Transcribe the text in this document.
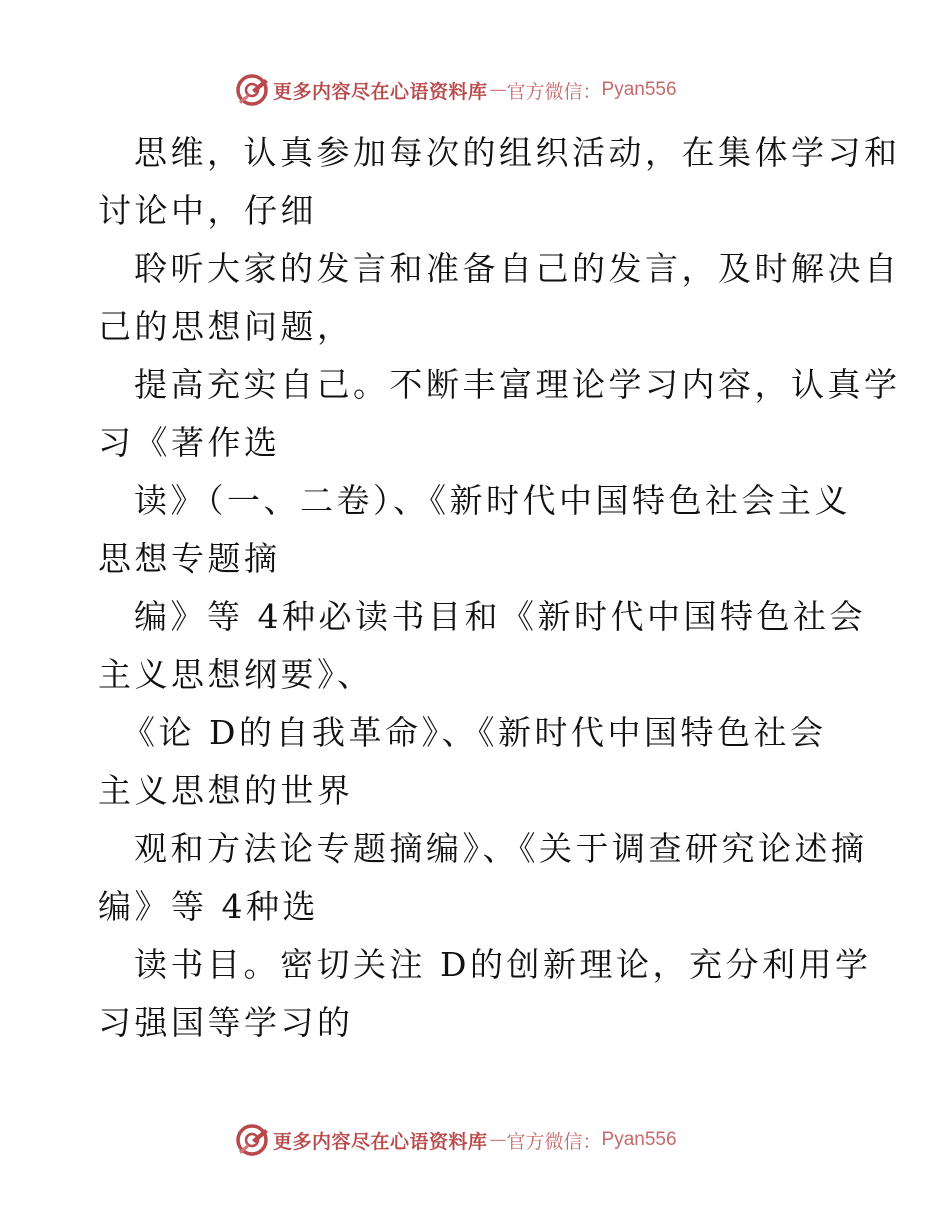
更多内容尽在心语资料库 — 官方微信： Pyan556
思维，认真参加每次的组织活动，在集体学习和
讨论中，仔细
聆听大家的发言和准备自己的发言，及时解决自
己的思想问题，
提高充实自己。不断丰富理论学习内容，认真学
习《著作选
读》（一、二卷）、《新时代中国特色社会主义
思想专题摘
编》等 4种必读书目和《新时代中国特色社会
主义思想纲要》、
《论 D的自我革命》、《新时代中国特色社会
主义思想的世界
观和方法论专题摘编》、《关于调查研究论述摘
编》等 4种选
读书目。密切关注 D的创新理论，充分利用学
习强国等学习的
更多内容尽在心语资料库 — 官方微信： Pyan556
